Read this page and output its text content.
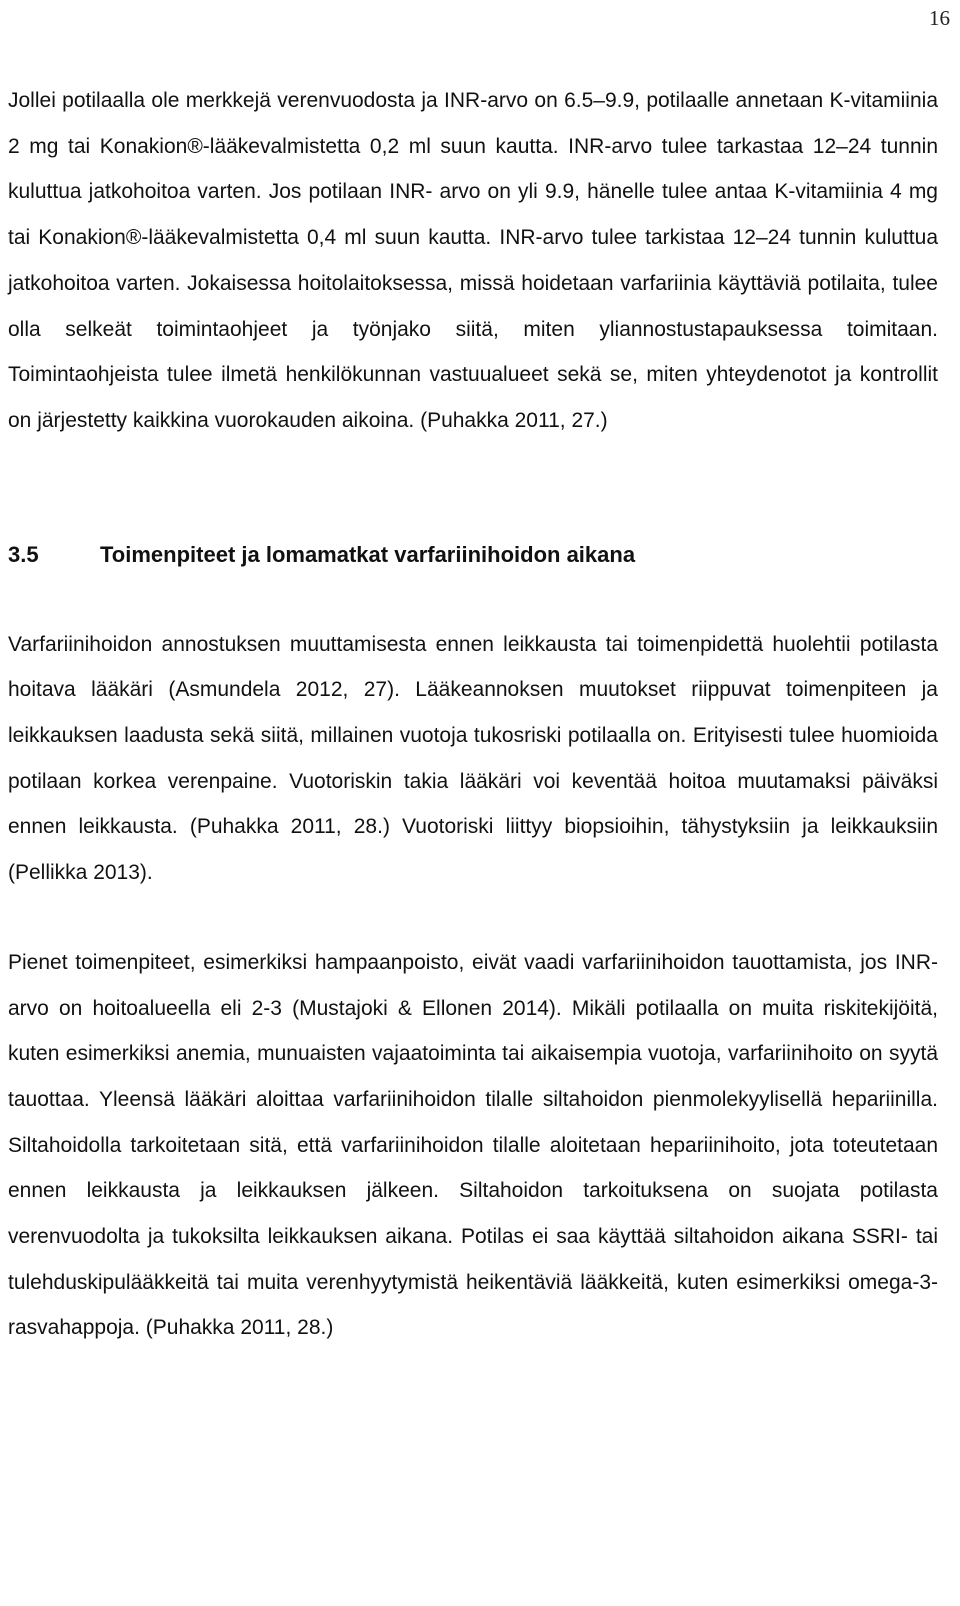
16

Jollei potilaalla ole merkkejä verenvuodosta ja INR-arvo on 6.5–9.9, potilaalle annetaan K-vitamiinia 2 mg tai Konakion®-lääkevalmistetta 0,2 ml suun kautta. INR-arvo tulee tarkastaa 12–24 tunnin kuluttua jatkohoitoa varten. Jos potilaan INR- arvo on yli 9.9, hänelle tulee antaa K-vitamiinia 4 mg tai Konakion®-lääkevalmistetta 0,4 ml suun kautta. INR-arvo tulee tarkistaa 12–24 tunnin kuluttua jatkohoitoa varten. Jokaisessa hoitolaitoksessa, missä hoidetaan varfariinia käyttäviä potilaita, tulee olla selkeät toimintaohjeet ja työnjako siitä, miten yliannostustapauksessa toimitaan. Toimintaohjeista tulee ilmetä henkilökunnan vastuualueet sekä se, miten yhteydenotot ja kontrollit on järjestetty kaikkina vuorokauden aikoina. (Puhakka 2011, 27.)

3.5	Toimenpiteet ja lomamatkat varfariinihoidon aikana

Varfariinihoidon annostuksen muuttamisesta ennen leikkausta tai toimenpidettä huolehtii potilasta hoitava lääkäri (Asmundela 2012, 27). Lääkeannoksen muutokset riippuvat toimenpiteen ja leikkauksen laadusta sekä siitä, millainen vuotoja tukosriski potilaalla on. Erityisesti tulee huomioida potilaan korkea verenpaine. Vuotoriskin takia lääkäri voi keventää hoitoa muutamaksi päiväksi ennen leikkausta. (Puhakka 2011, 28.) Vuotoriski liittyy biopsioihin, tähystyksiin ja leikkauksiin (Pellikka 2013).

Pienet toimenpiteet, esimerkiksi hampaanpoisto, eivät vaadi varfariinihoidon tauottamista, jos INR-arvo on hoitoalueella eli 2-3 (Mustajoki & Ellonen 2014). Mikäli potilaalla on muita riskitekijöitä, kuten esimerkiksi anemia, munuaisten vajaatoiminta tai aikaisempia vuotoja, varfariinihoito on syytä tauottaa. Yleensä lääkäri aloittaa varfariinihoidon tilalle siltahoidon pienmolekyylisellä hepariinilla. Siltahoidolla tarkoitetaan sitä, että varfariinihoidon tilalle aloitetaan hepariinihoito, jota toteutetaan ennen leikkausta ja leikkauksen jälkeen. Siltahoidon tarkoituksena on suojata potilasta verenvuodolta ja tukoksilta leikkauksen aikana. Potilas ei saa käyttää siltahoidon aikana SSRI- tai tulehduskipulääkkeitä tai muita verenhyytymistä heikentäviä lääkkeitä, kuten esimerkiksi omega-3-rasvahappoja. (Puhakka 2011, 28.)
